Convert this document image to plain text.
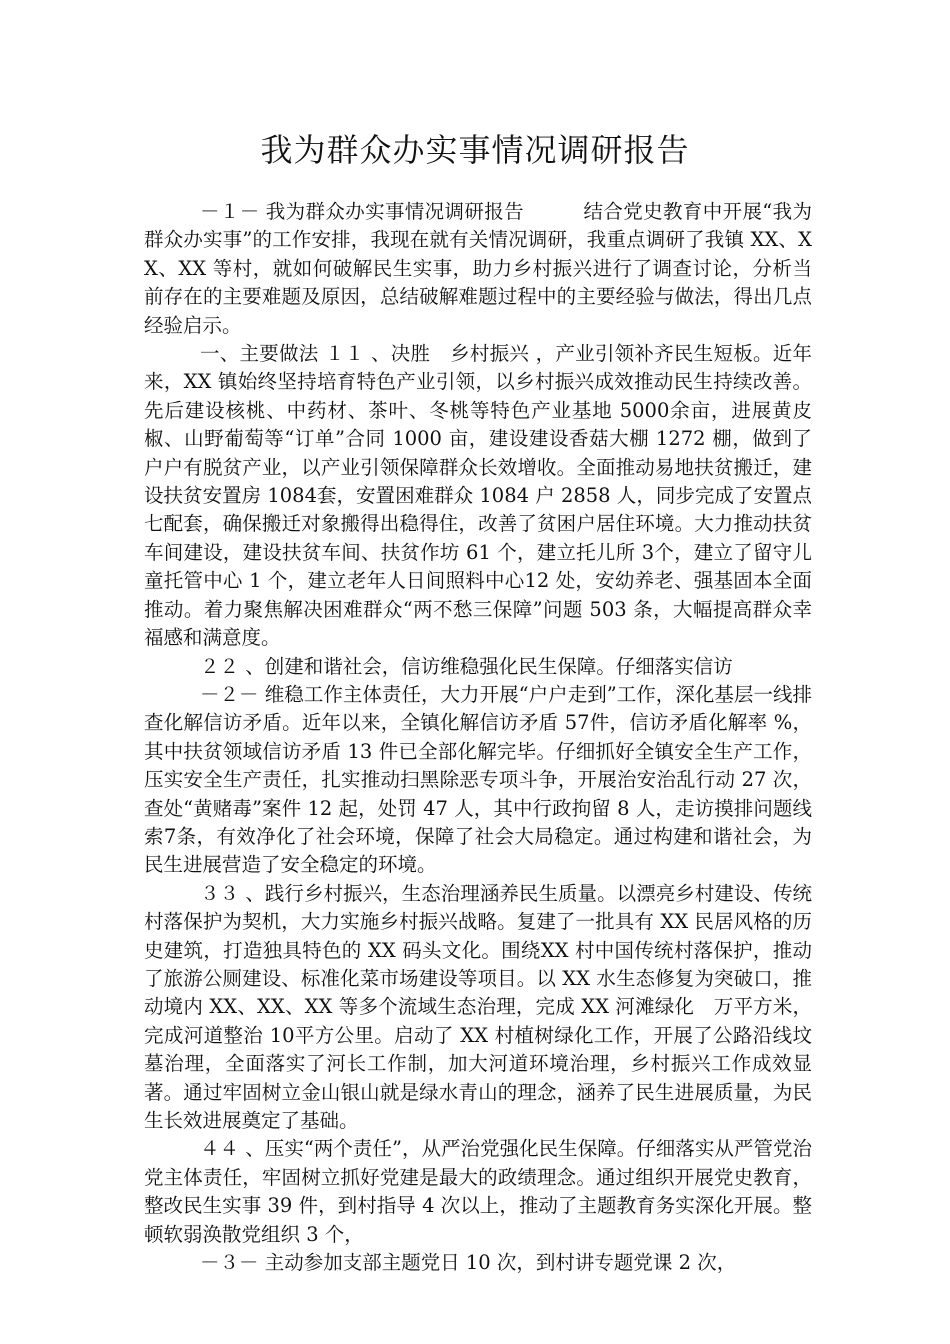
我为群众办实事情况调研报告

－１－ 我为群众办实事情况调研报告　　　结合党史教育中开展“我为群众办实事”的工作安排，我现在就有关情况调研，我重点调研了我镇 XX、XX、XX 等村，就如何破解民生实事，助力乡村振兴进行了调查讨论，分析当前存在的主要难题及原因，总结破解难题过程中的主要经验与做法，得出几点经验启示。

一、主要做法 １１ 、决胜　乡村振兴 ，产业引领补齐民生短板。近年来，XX 镇始终坚持培育特色产业引领，以乡村振兴成效推动民生持续改善。先后建设核桃、中药材、茶叶、冬桃等特色产业基地 5000余亩，进展黄皮椒、山野葡萄等“订单”合同 1000 亩，建设建设香菇大棚 1272 棚，做到了户户有脱贫产业，以产业引领保障群众长效增收。全面推动易地扶贫搬迁，建设扶贫安置房 1084套，安置困难群众 1084 户 2858 人，同步完成了安置点七配套，确保搬迁对象搬得出稳得住，改善了贫困户居住环境。大力推动扶贫车间建设，建设扶贫车间、扶贫作坊 61 个，建立托儿所 3个，建立了留守儿童托管中心 1 个，建立老年人日间照料中心12 处，安幼养老、强基固本全面推动。着力聚焦解决困难群众“两不愁三保障”问题 503 条，大幅提高群众幸福感和满意度。

２２ 、创建和谐社会，信访维稳强化民生保障。仔细落实信访

－２－ 维稳工作主体责任，大力开展“户户走到”工作，深化基层一线排查化解信访矛盾。近年以来，全镇化解信访矛盾 57件，信访矛盾化解率 %，其中扶贫领域信访矛盾 13 件已全部化解完毕。仔细抓好全镇安全生产工作，压实安全生产责任，扎实推动扫黑除恶专项斗争，开展治安治乱行动 27 次，查处“黄赌毒”案件 12 起，处罚 47 人，其中行政拘留 8 人，走访摸排问题线索7条，有效净化了社会环境，保障了社会大局稳定。通过构建和谐社会，为民生进展营造了安全稳定的环境。

３３ 、践行乡村振兴，生态治理涵养民生质量。以漂亮乡村建设、传统村落保护为契机，大力实施乡村振兴战略。复建了一批具有 XX 民居风格的历史建筑，打造独具特色的 XX 码头文化。围绕XX 村中国传统村落保护，推动了旅游公厕建设、标准化菜市场建设等项目。以 XX 水生态修复为突破口，推动境内 XX、XX、XX 等多个流域生态治理，完成 XX 河滩绿化　万平方米，完成河道整治 10平方公里。启动了 XX 村植树绿化工作，开展了公路沿线坟墓治理，全面落实了河长工作制，加大河道环境治理，乡村振兴工作成效显著。通过牢固树立金山银山就是绿水青山的理念，涵养了民生进展质量，为民生长效进展奠定了基础。

４４ 、压实“两个责任”，从严治党强化民生保障。仔细落实从严管党治党主体责任，牢固树立抓好党建是最大的政绩理念。通过组织开展党史教育，整改民生实事 39 件，到村指导 4 次以上，推动了主题教育务实深化开展。整顿软弱涣散党组织 3 个，

－３－ 主动参加支部主题党日 10 次，到村讲专题党课 2 次，
